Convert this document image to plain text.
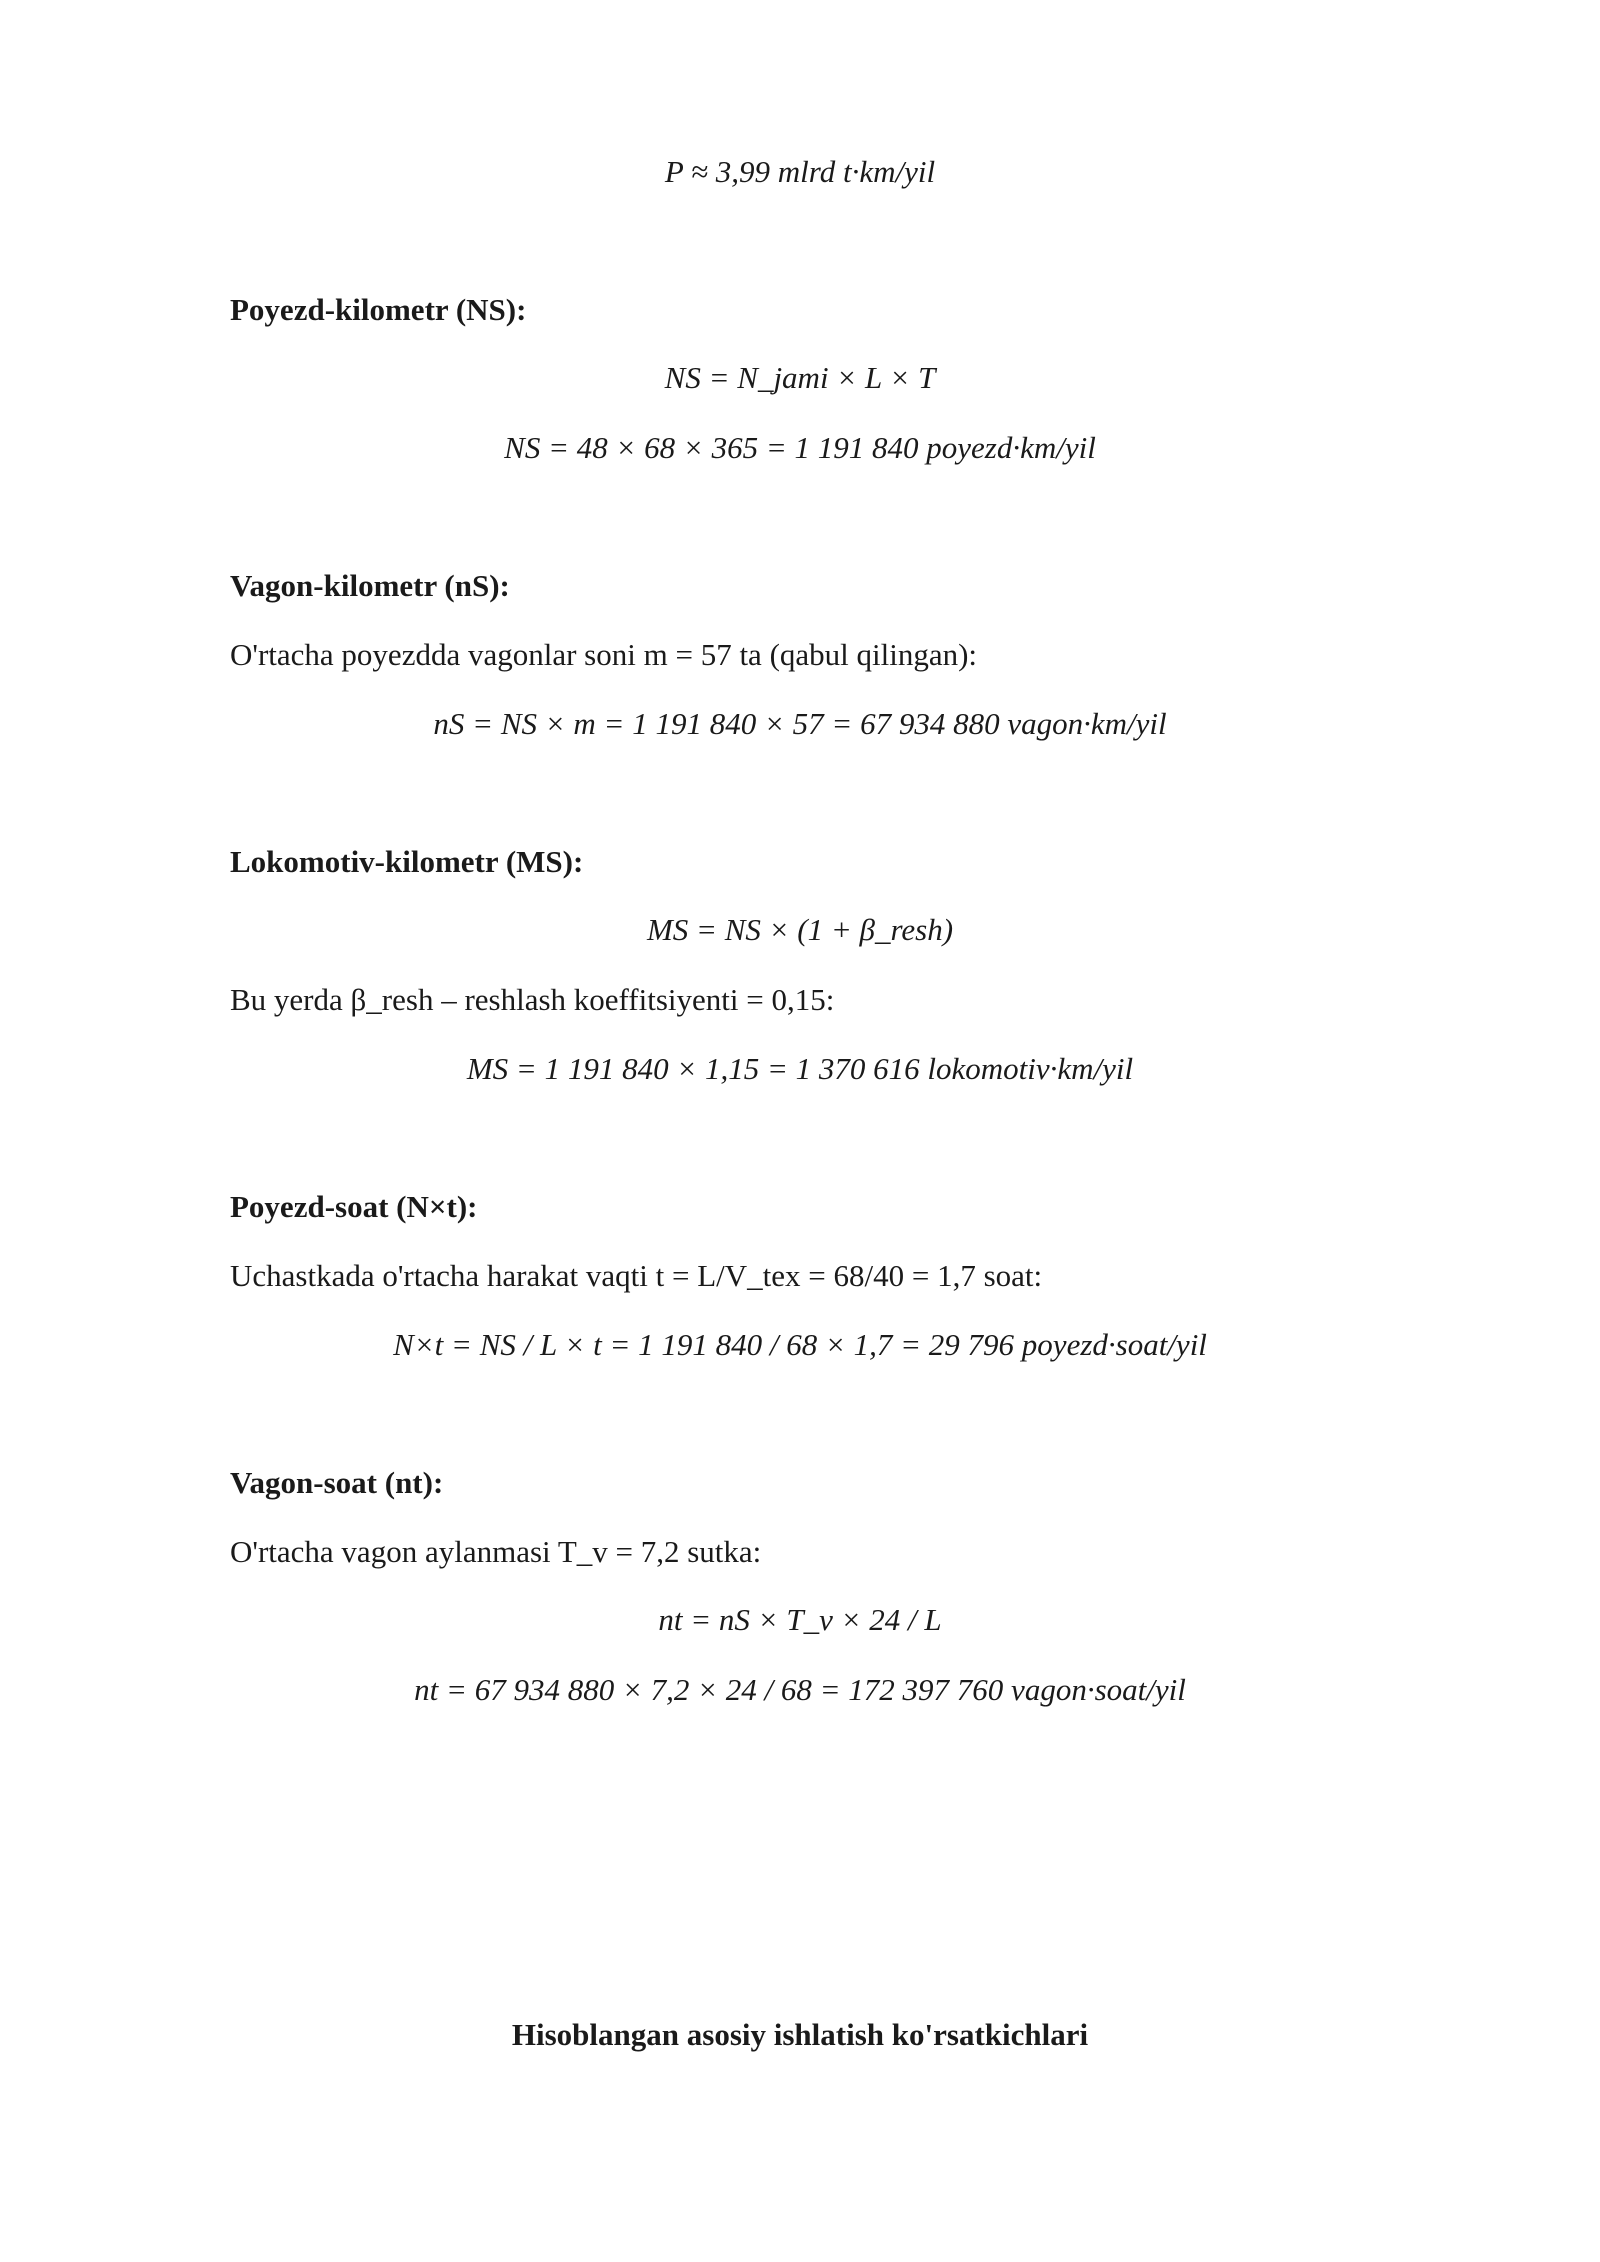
P ≈ 3,99 mlrd t·km/yil
Poyezd-kilometr (NS):
NS = N_jami × L × T
NS = 48 × 68 × 365 = 1 191 840 poyezd·km/yil
Vagon-kilometr (nS):
O'rtacha poyezdda vagonlar soni m = 57 ta (qabul qilingan):
nS = NS × m = 1 191 840 × 57 = 67 934 880 vagon·km/yil
Lokomotiv-kilometr (MS):
MS = NS × (1 + β_resh)
Bu yerda β_resh – reshlash koeffitsiyenti = 0,15:
MS = 1 191 840 × 1,15 = 1 370 616 lokomotiv·km/yil
Poyezd-soat (N×t):
Uchastkada o'rtacha harakat vaqti t = L/V_tex = 68/40 = 1,7 soat:
N×t = NS / L × t = 1 191 840 / 68 × 1,7 = 29 796 poyezd·soat/yil
Vagon-soat (nt):
O'rtacha vagon aylanmasi T_v = 7,2 sutka:
nt = nS × T_v × 24 / L
nt = 67 934 880 × 7,2 × 24 / 68 = 172 397 760 vagon·soat/yil
Hisoblangan asosiy ishlatish ko'rsatkichlari
